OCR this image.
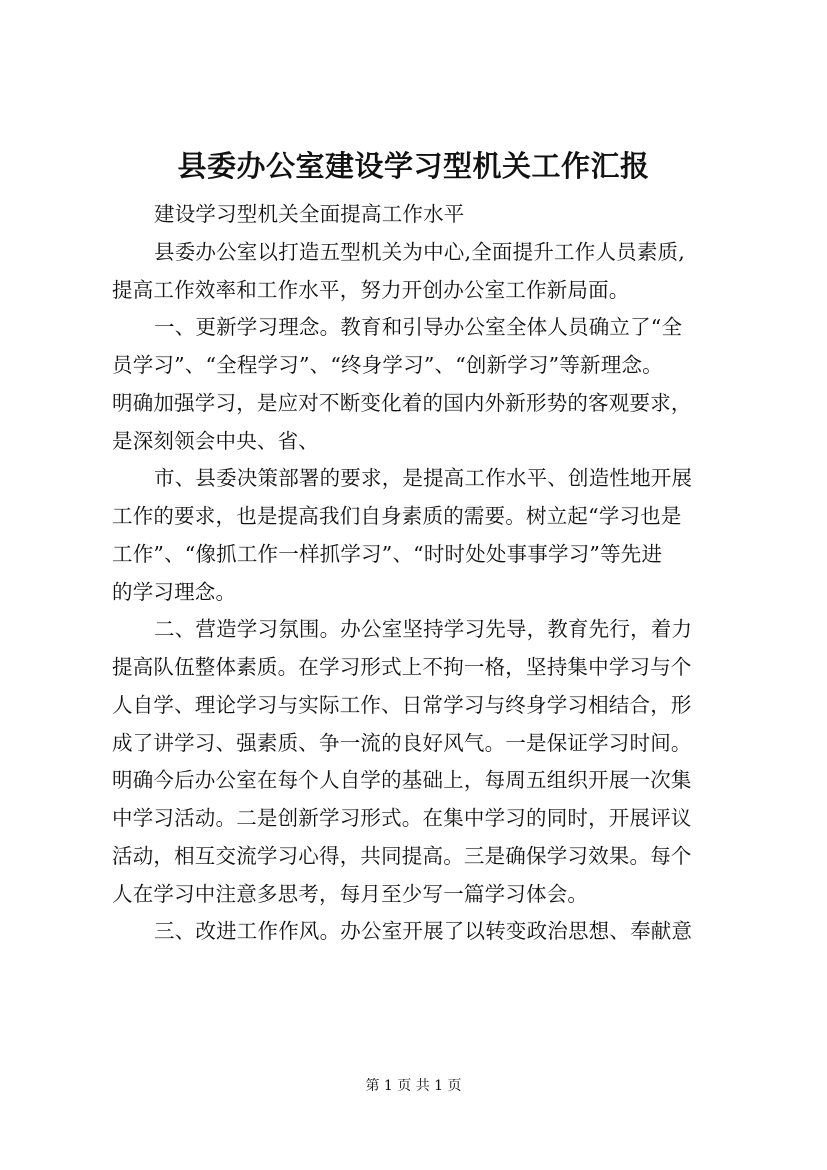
县委办公室建设学习型机关工作汇报
建设学习型机关全面提高工作水平
县委办公室以打造五型机关为中心,全面提升工作人员素质,
提高工作效率和工作水平，努力开创办公室工作新局面。
一、更新学习理念。教育和引导办公室全体人员确立了“全
员学习”、“全程学习”、“终身学习”、“创新学习”等新理念。
明确加强学习，是应对不断变化着的国内外新形势的客观要求，
是深刻领会中央、省、
市、县委决策部署的要求，是提高工作水平、创造性地开展
工作的要求，也是提高我们自身素质的需要。树立起“学习也是
工作”、“像抓工作一样抓学习”、“时时处处事事学习”等先进
的学习理念。
二、营造学习氛围。办公室坚持学习先导，教育先行，着力
提高队伍整体素质。在学习形式上不拘一格，坚持集中学习与个
人自学、理论学习与实际工作、日常学习与终身学习相结合，形
成了讲学习、强素质、争一流的良好风气。一是保证学习时间。
明确今后办公室在每个人自学的基础上，每周五组织开展一次集
中学习活动。二是创新学习形式。在集中学习的同时，开展评议
活动，相互交流学习心得，共同提高。三是确保学习效果。每个
人在学习中注意多思考，每月至少写一篇学习体会。
三、改进工作作风。办公室开展了以转变政治思想、奉献意
第 1 页 共 1 页
